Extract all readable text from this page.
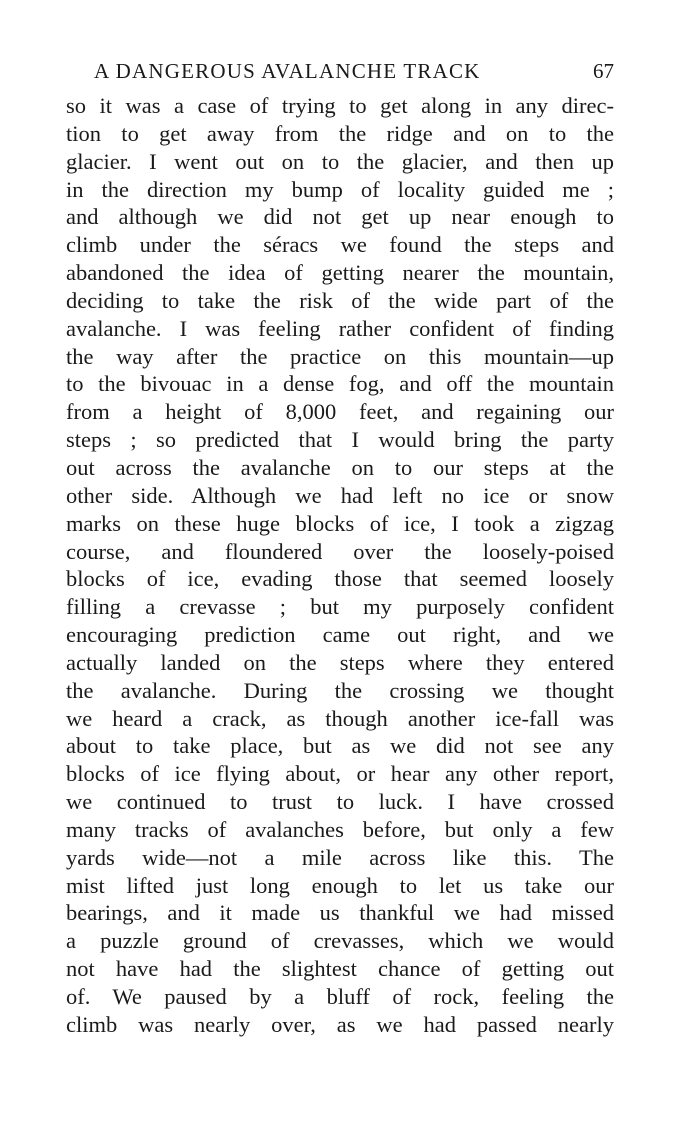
A DANGEROUS AVALANCHE TRACK	67
so it was a case of trying to get along in any direc-
tion to get away from the ridge and on to the
glacier. I went out on to the glacier, and then up
in the direction my bump of locality guided me ;
and although we did not get up near enough to
climb under the séracs we found the steps and
abandoned the idea of getting nearer the mountain,
deciding to take the risk of the wide part of the
avalanche. I was feeling rather confident of finding
the way after the practice on this mountain—up
to the bivouac in a dense fog, and off the mountain
from a height of 8,000 feet, and regaining our
steps ; so predicted that I would bring the party
out across the avalanche on to our steps at the
other side. Although we had left no ice or snow
marks on these huge blocks of ice, I took a zigzag
course, and floundered over the loosely-poised
blocks of ice, evading those that seemed loosely
filling a crevasse ; but my purposely confident
encouraging prediction came out right, and we
actually landed on the steps where they entered
the avalanche. During the crossing we thought
we heard a crack, as though another ice-fall was
about to take place, but as we did not see any
blocks of ice flying about, or hear any other report,
we continued to trust to luck. I have crossed
many tracks of avalanches before, but only a few
yards wide—not a mile across like this. The
mist lifted just long enough to let us take our
bearings, and it made us thankful we had missed
a puzzle ground of crevasses, which we would
not have had the slightest chance of getting out
of. We paused by a bluff of rock, feeling the
climb was nearly over, as we had passed nearly
